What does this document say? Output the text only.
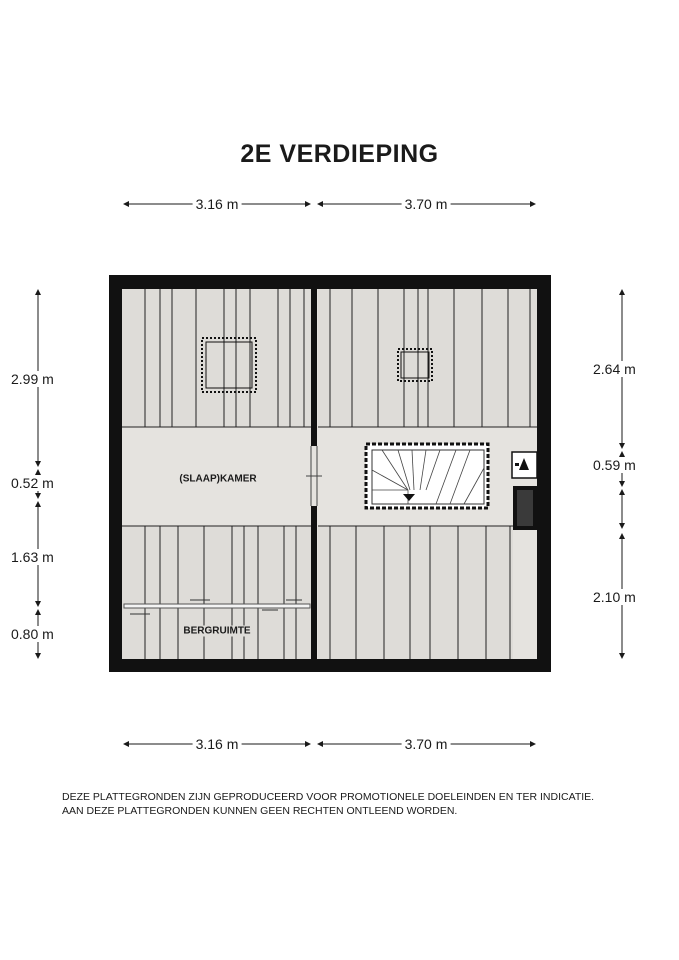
2E VERDIEPING
3.16 m	3.70 m
3.16 m	3.70 m
2.99 m
0.52 m
1.63 m
0.80 m
2.64 m
0.59 m
2.10 m
(SLAAP)KAMER
BERGRUIMTE
DEZE PLATTEGRONDEN ZIJN GEPRODUCEERD VOOR PROMOTIONELE DOELEINDEN EN TER INDICATIE.
AAN DEZE PLATTEGRONDEN KUNNEN GEEN RECHTEN ONTLEEND WORDEN.
